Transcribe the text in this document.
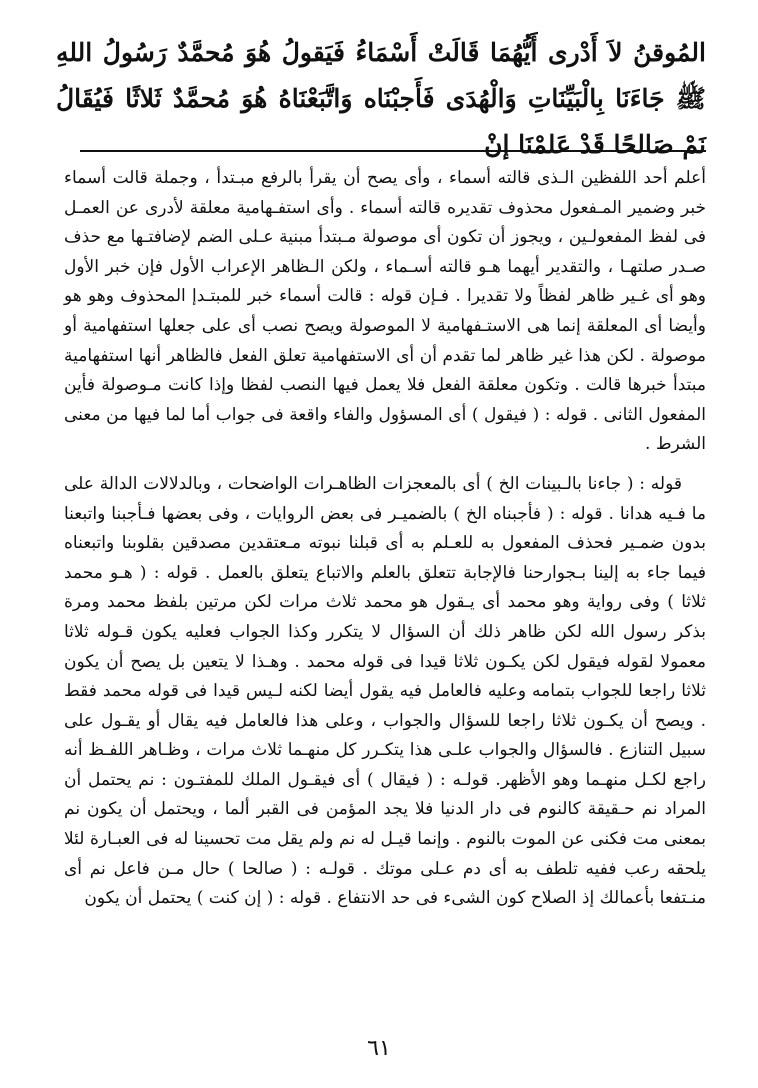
المُوقنُ لاَ أَدْرى أَيُّهُمَا قَالَتْ أَسْمَاءُ فَيَقولُ هُوَ مُحمَّدٌ رَسُولُ اللهِ ﷺ جَاءَنَا بِالْبَيِّنَاتِ وَالْهُدَى فَأَجبْنَاه وَاتَّبَعْنَاهُ هُوَ مُحمَّدٌ ثَلاثًا فَيُقَالُ نَمْ صَالحًا قَدْ عَلمْنَا إنْ

أعلم أحد اللفظين الـذى قالته أسماء ، وأى يصح أن يقرأ بالرفع مبـتدأ ، وجملة قالت أسماء خبر وضمير المـفعول محذوف تقديره قالته أسماء . وأى استفـهامية معلقة لأدرى عن العمـل فى لفظ المفعولـين ، ويجوز أن تكون أى موصولة مـبتدأ مبنية عـلى الضم لإضافتـها مع حذف صـدر صلتهـا ، والتقدير أيهما هـو قالته أسـماء ، ولكن الـظاهر الإعراب الأول فإن خبر الأول وهو أى غـير ظاهر لفظاً ولا تقديرا . فـإن قوله : قالت أسماء خبر للمبتـدإ المحذوف وهو هو وأيضا أى المعلقة إنما هى الاستـفهامية لا الموصولة ويصح نصب أى على جعلها استفهامية أو موصولة . لكن هذا غير ظاهر لما تقدم أن أى الاستفهامية تعلق الفعل فالظاهر أنها استفهامية مبتدأ خبرها قالت . وتكون معلقة الفعل فلا يعمل فيها النصب لفظا وإذا كانت مـوصولة فأين المفعول الثانى . قوله : ( فيقول ) أى المسؤول والفاء واقعة فى جواب أما لما فيها من معنى الشرط .

قوله : ( جاءنا بالـبينات الخ ) أى بالمعجزات الظاهـرات الواضحات ، وبالدلالات الدالة على ما فـيه هدانا . قوله : ( فأجبناه الخ ) بالضميـر فى بعض الروايات ، وفى بعضها فـأجبنا واتبعنا بدون ضمـير فحذف المفعول به للعـلم به أى قبلنا نبوته مـعتقدين مصدقين بقلوبنا واتبعناه فيما جاء به إلينا بـجوارحنا فالإجابة تتعلق بالعلم والاتباع يتعلق بالعمل . قوله : ( هـو محمد ثلاثا ) وفى رواية وهو محمد أى يـقول هو محمد ثلاث مرات لكن مرتين بلفظ محمد ومرة بذكر رسول الله لكن ظاهر ذلك أن السؤال لا يتكرر وكذا الجواب فعليه يكون قـوله ثلاثا معمولا لقوله فيقول لكن يكـون ثلاثا قيدا فى قوله محمد . وهـذا لا يتعين بل يصح أن يكون ثلاثا راجعا للجواب بتمامه وعليه فالعامل فيه يقول أيضا لكنه لـيس قيدا فى قوله محمد فقط . ويصح أن يكـون ثلاثا راجعا للسؤال والجواب ، وعلى هذا فالعامل فيه يقال أو يقـول على سبيل التنازع . فالسؤال والجواب علـى هذا يتكـرر كل منهـما ثلاث مرات ، وظـاهر اللفـظ أنه راجع لكـل منهـما وهو الأظهر. قولـه : ( فيقال ) أى فيقـول الملك للمفتـون : نم يحتمل أن المراد نم حـقيقة كالنوم فى دار الدنيا فلا يجد المؤمن فى القبر ألما ، ويحتمل أن يكون نم بمعنى مت فكنى عن الموت بالنوم . وإنما قيـل له نم ولم يقل مت تحسينا له فى العبـارة لئلا يلحقه رعب ففيه تلطف به أى دم عـلى موتك . قولـه : ( صالحا ) حال مـن فاعل نم أى منـتفعا بأعمالك إذ الصلاح كون الشىء فى حد الانتفاع . قوله : ( إن كنت ) يحتمل أن يكون

٦١
